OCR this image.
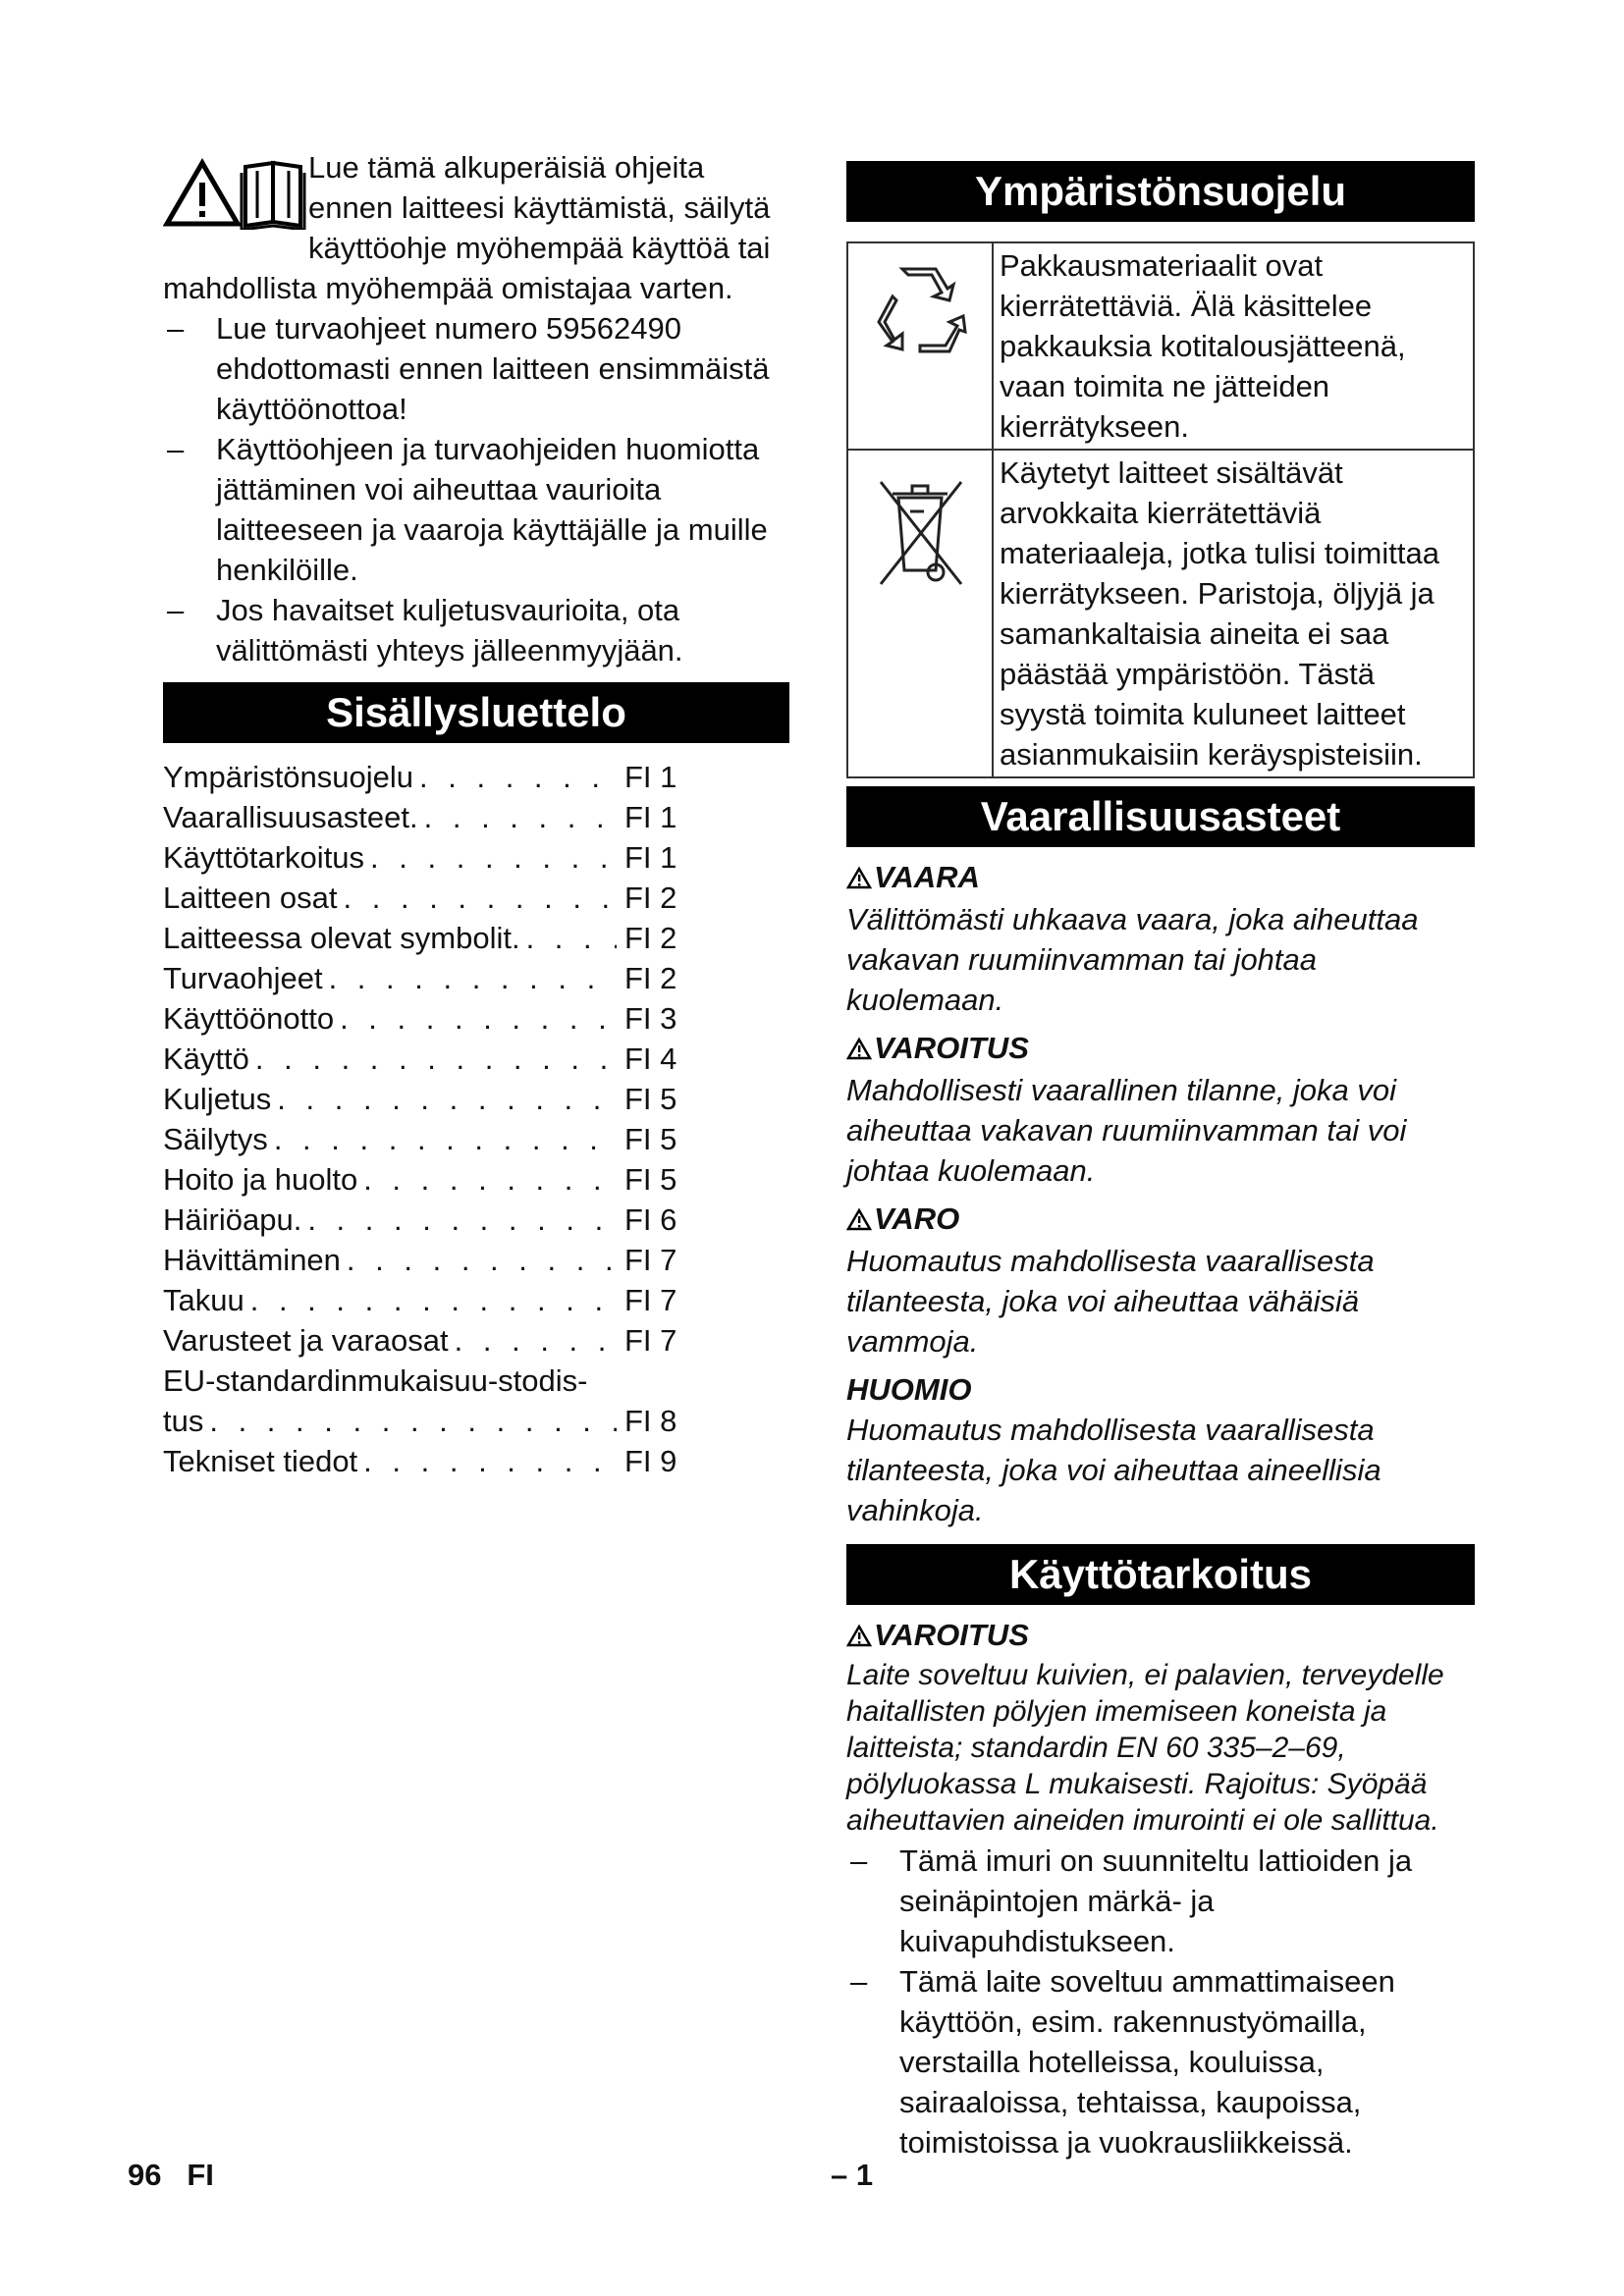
Lue tämä alkuperäisiä ohjeita ennen laitteesi käyttämistä, säilytä käyttöohje myöhempää käyttöä tai mahdollista myöhempää omistajaa varten.
– Lue turvaohjeet numero 59562490 ehdottomasti ennen laitteen ensimmäistä käyttöönottoa!
– Käyttöohjeen ja turvaohjeiden huomiotta jättäminen voi aiheuttaa vaurioita laitteeseen ja vaaroja käyttäjälle ja muille henkilöille.
– Jos havaitset kuljetusvaurioita, ota välittömästi yhteys jälleenmyyjään.
Sisällysluettelo
Ympäristönsuojelu . . .	FI 1
Vaarallisuusasteet. . . .	FI 1
Käyttötarkoitus . . .	FI 1
Laitteen osat . . .	FI 2
Laitteessa olevat symbolit. . . .	FI 2
Turvaohjeet . . .	FI 2
Käyttöönotto . . .	FI 3
Käyttö . . .	FI 4
Kuljetus . . .	FI 5
Säilytys . . .	FI 5
Hoito ja huolto . . .	FI 5
Häiriöapu. . . .	FI 6
Hävittäminen . . .	FI 7
Takuu . . .	FI 7
Varusteet ja varaosat . . .	FI 7
EU-standardinmukaisuu-stodis-
tus . . .	FI 8
Tekniset tiedot . . .	FI 9
Ympäristönsuojelu
Pakkausmateriaalit ovat kierrätettäviä. Älä käsittelee pakkauksia kotitalousjätteenä, vaan toimita ne jätteiden kierrätykseen.
Käytetyt laitteet sisältävät arvokkaita kierrätettäviä materiaaleja, jotka tulisi toimittaa kierrätykseen. Paristoja, öljyjä ja samankaltaisia aineita ei saa päästää ympäristöön. Tästä syystä toimita kuluneet laitteet asianmukaisiin keräyspisteisiin.
Vaarallisuusasteet
VAARA
Välittömästi uhkaava vaara, joka aiheuttaa vakavan ruumiinvamman tai johtaa kuolemaan.
VAROITUS
Mahdollisesti vaarallinen tilanne, joka voi aiheuttaa vakavan ruumiinvamman tai voi johtaa kuolemaan.
VARO
Huomautus mahdollisesta vaarallisesta tilanteesta, joka voi aiheuttaa vähäisiä vammoja.
HUOMIO
Huomautus mahdollisesta vaarallisesta tilanteesta, joka voi aiheuttaa aineellisia vahinkoja.
Käyttötarkoitus
VAROITUS
Laite soveltuu kuivien, ei palavien, terveydelle haitallisten pölyjen imemiseen koneista ja laitteista; standardin EN 60 335–2–69, pölyluokassa L mukaisesti. Rajoitus: Syöpää aiheuttavien aineiden imurointi ei ole sallittua.
– Tämä imuri on suunniteltu lattioiden ja seinäpintojen märkä- ja kuivapuhdistukseen.
– Tämä laite soveltuu ammattimaiseen käyttöön, esim. rakennustyömailla, verstailla hotelleissa, kouluissa, sairaaloissa, tehtaissa, kaupoissa, toimistoissa ja vuokrausliikkeissä.
96 FI	– 1
